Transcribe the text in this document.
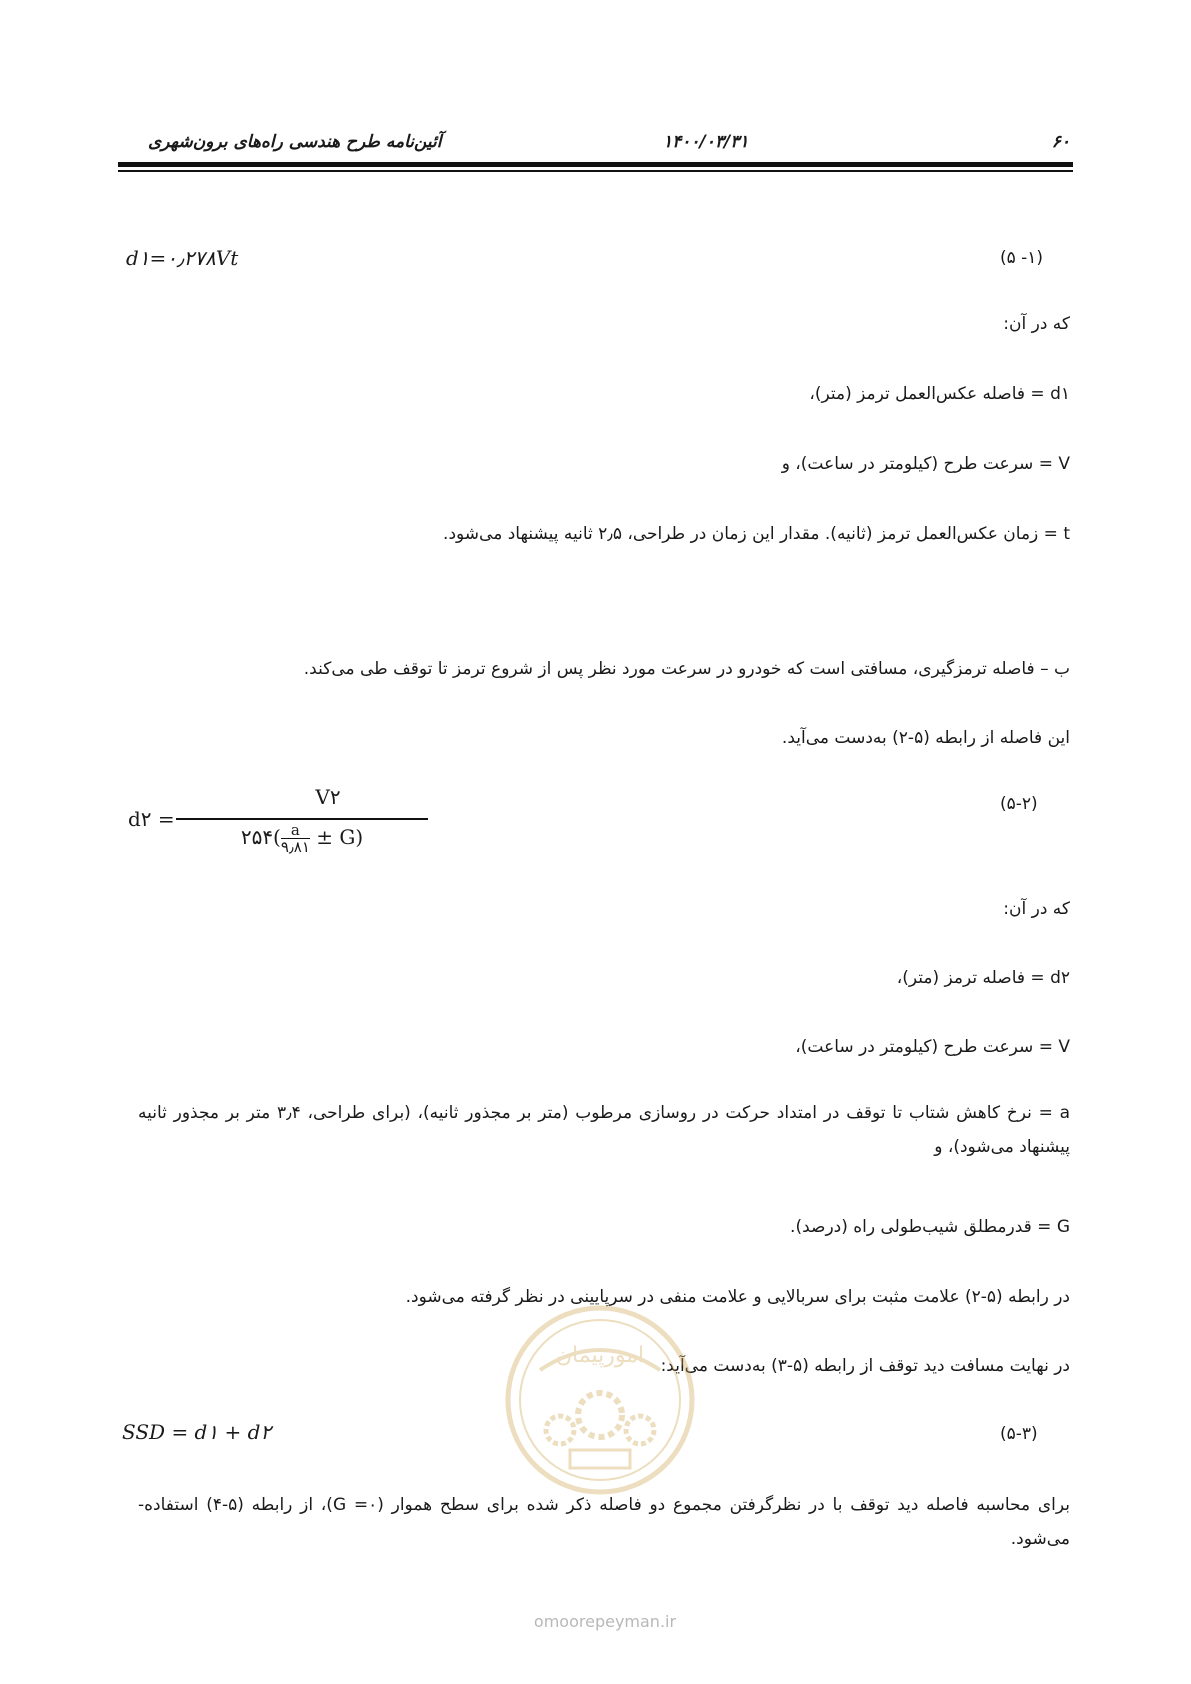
۶۰
۱۴۰۰/۰۳/۳۱
آئین‌نامه طرح هندسی راه‌های برون‌شهری
(۵ -۱)
d۱=۰٫۲۷۸Vt
که در آن:
d۱ = فاصله عکس‌العمل ترمز (متر)،
V = سرعت طرح (کیلومتر در ساعت)، و
t = زمان عکس‌العمل ترمز (ثانیه). مقدار این زمان در طراحی، ۲٫۵ ثانیه پیشنهاد می‌شود.
ب – فاصله ترمزگیری، مسافتی است که خودرو در سرعت مورد نظر پس از شروع ترمز تا توقف طی می‌کند.
این فاصله از رابطه (۵-۲) به‌دست می‌آید.
(۵-۲)
d۲ =
V۲
$۲۵۴(\frac{a}{۹٫۸۱} \pm G)$
که در آن:
d۲ = فاصله ترمز (متر)،
V = سرعت طرح (کیلومتر در ساعت)،
a = نرخ کاهش شتاب تا توقف در امتداد حرکت در روسازی مرطوب (متر بر مجذور ثانیه)، (برای طراحی، ۳٫۴ متر بر مجذور ثانیه پیشنهاد می‌شود)، و
G = قدرمطلق شیب‌طولی راه (درصد).
در رابطه (۵-۲) علامت مثبت برای سربالایی و علامت منفی در سرپایینی در نظر گرفته می‌شود.
در نهایت مسافت دید توقف از رابطه (۵-۳) به‌دست می‌آید:
(۵-۳)
SSD = d۱ + d۲
برای محاسبه فاصله دید توقف با در نظرگرفتن مجموع دو فاصله ذکر شده برای سطح هموار (G =۰)، از رابطه (۵-۴) استفاده-می‌شود.
امورپیمان
omoorepeyman.ir
